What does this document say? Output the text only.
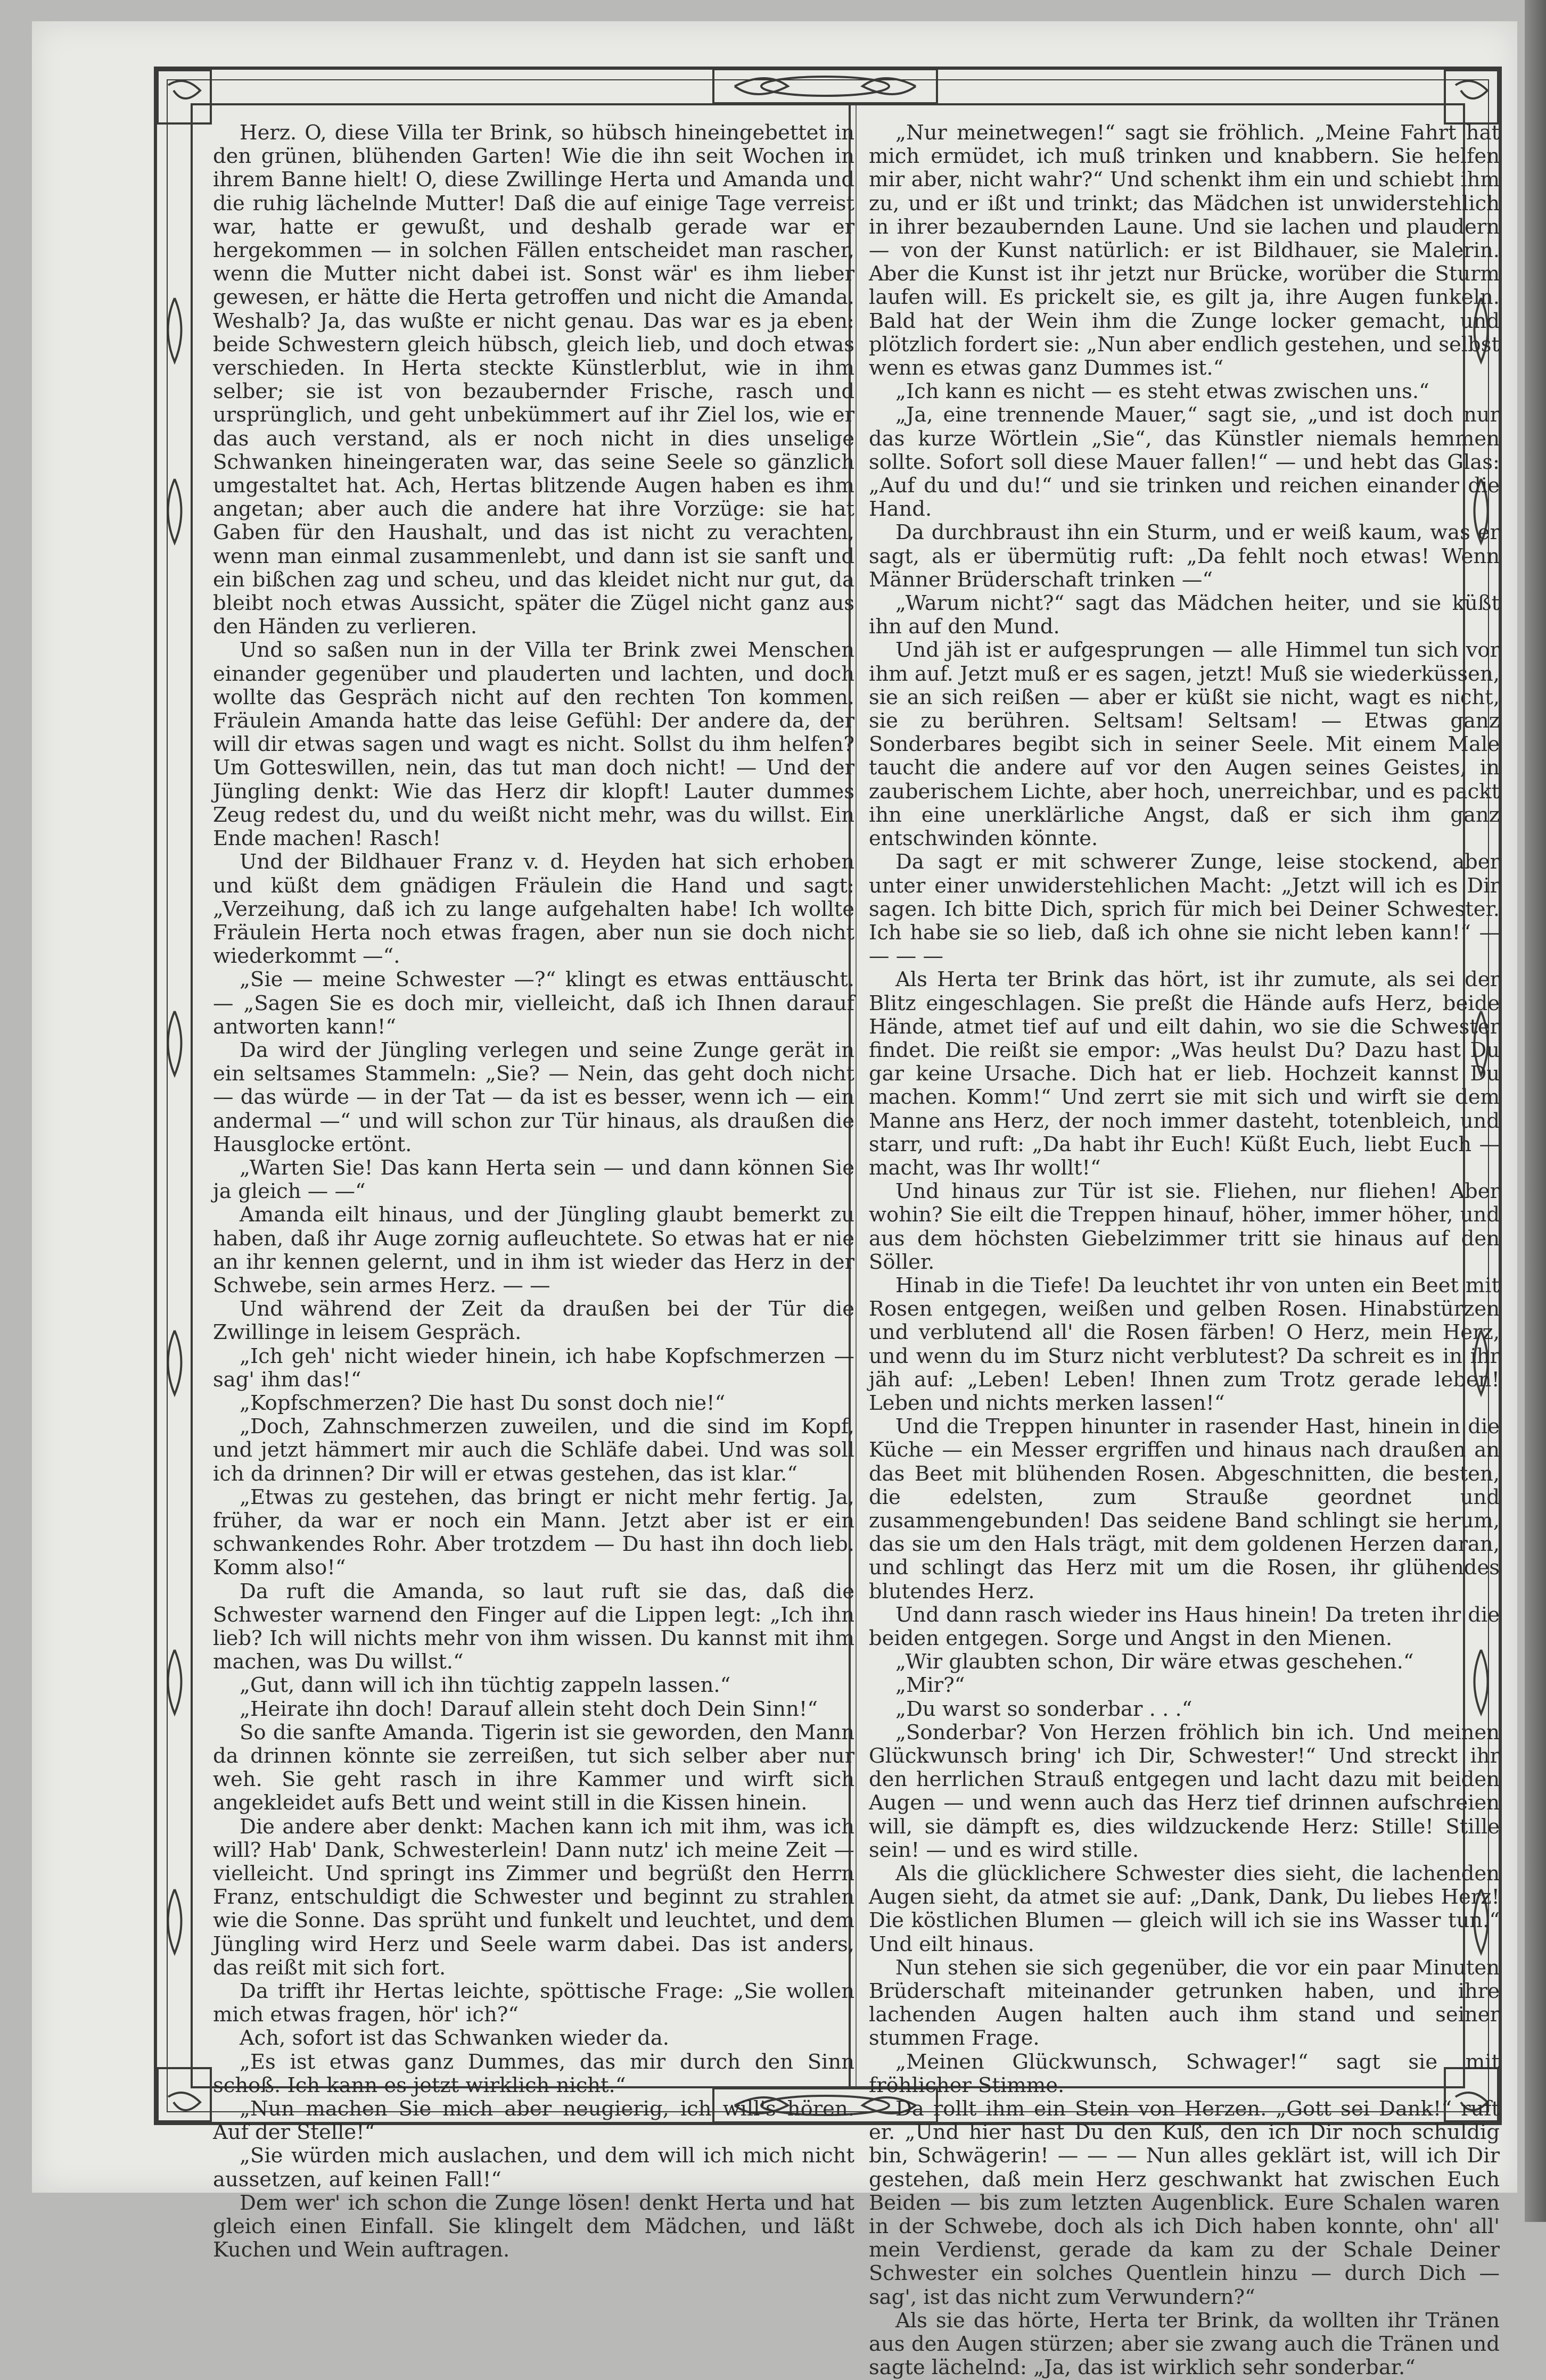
Herz. O, diese Villa ter Brink, so hübsch hineingebettet in den grünen, blühenden Garten! Wie die ihn seit Wochen in ihrem Banne hielt! O, diese Zwillinge Herta und Amanda und die ruhig lächelnde Mutter! Daß die auf einige Tage verreist war, hatte er gewußt, und deshalb gerade war er hergekommen — in solchen Fällen entscheidet man rascher, wenn die Mutter nicht dabei ist. Sonst wär' es ihm lieber gewesen, er hätte die Herta getroffen und nicht die Amanda. Weshalb? Ja, das wußte er nicht genau. Das war es ja eben: beide Schwestern gleich hübsch, gleich lieb, und doch etwas verschieden. In Herta steckte Künstlerblut, wie in ihm selber; sie ist von bezaubernder Frische, rasch und ursprünglich, und geht unbekümmert auf ihr Ziel los, wie er das auch verstand, als er noch nicht in dies unselige Schwanken hineingeraten war, das seine Seele so gänzlich umgestaltet hat. Ach, Hertas blitzende Augen haben es ihm angetan; aber auch die andere hat ihre Vorzüge: sie hat Gaben für den Haushalt, und das ist nicht zu verachten, wenn man einmal zusammenlebt, und dann ist sie sanft und ein bißchen zag und scheu, und das kleidet nicht nur gut, da bleibt noch etwas Aussicht, später die Zügel nicht ganz aus den Händen zu verlieren.

Und so saßen nun in der Villa ter Brink zwei Menschen einander gegenüber und plauderten und lachten, und doch wollte das Gespräch nicht auf den rechten Ton kommen. Fräulein Amanda hatte das leise Gefühl: Der andere da, der will dir etwas sagen und wagt es nicht. Sollst du ihm helfen? Um Gotteswillen, nein, das tut man doch nicht! — Und der Jüngling denkt: Wie das Herz dir klopft! Lauter dummes Zeug redest du, und du weißt nicht mehr, was du willst. Ein Ende machen! Rasch!

Und der Bildhauer Franz v. d. Heyden hat sich erhoben und küßt dem gnädigen Fräulein die Hand und sagt: „Verzeihung, daß ich zu lange aufgehalten habe! Ich wollte Fräulein Herta noch etwas fragen, aber nun sie doch nicht wiederkommt —“.

„Sie — meine Schwester —?“ klingt es etwas enttäuscht. — „Sagen Sie es doch mir, vielleicht, daß ich Ihnen darauf antworten kann!“

Da wird der Jüngling verlegen und seine Zunge gerät in ein seltsames Stammeln: „Sie? — Nein, das geht doch nicht — das würde — in der Tat — da ist es besser, wenn ich — ein andermal —“ und will schon zur Tür hinaus, als draußen die Hausglocke ertönt.

„Warten Sie! Das kann Herta sein — und dann können Sie ja gleich — —“

Amanda eilt hinaus, und der Jüngling glaubt bemerkt zu haben, daß ihr Auge zornig aufleuchtete. So etwas hat er nie an ihr kennen gelernt, und in ihm ist wieder das Herz in der Schwebe, sein armes Herz. — —

Und während der Zeit da draußen bei der Tür die Zwillinge in leisem Gespräch.

„Ich geh' nicht wieder hinein, ich habe Kopfschmerzen — sag' ihm das!“

„Kopfschmerzen? Die hast Du sonst doch nie!“

„Doch, Zahnschmerzen zuweilen, und die sind im Kopf, und jetzt hämmert mir auch die Schläfe dabei. Und was soll ich da drinnen? Dir will er etwas gestehen, das ist klar.“

„Etwas zu gestehen, das bringt er nicht mehr fertig. Ja, früher, da war er noch ein Mann. Jetzt aber ist er ein schwankendes Rohr. Aber trotzdem — Du hast ihn doch lieb. Komm also!“

Da ruft die Amanda, so laut ruft sie das, daß die Schwester warnend den Finger auf die Lippen legt: „Ich ihn lieb? Ich will nichts mehr von ihm wissen. Du kannst mit ihm machen, was Du willst.“

„Gut, dann will ich ihn tüchtig zappeln lassen.“

„Heirate ihn doch! Darauf allein steht doch Dein Sinn!“

So die sanfte Amanda. Tigerin ist sie geworden, den Mann da drinnen könnte sie zerreißen, tut sich selber aber nur weh. Sie geht rasch in ihre Kammer und wirft sich angekleidet aufs Bett und weint still in die Kissen hinein.

Die andere aber denkt: Machen kann ich mit ihm, was ich will? Hab' Dank, Schwesterlein! Dann nutz' ich meine Zeit — vielleicht. Und springt ins Zimmer und begrüßt den Herrn Franz, entschuldigt die Schwester und beginnt zu strahlen wie die Sonne. Das sprüht und funkelt und leuchtet, und dem Jüngling wird Herz und Seele warm dabei. Das ist anders, das reißt mit sich fort.

Da trifft ihr Hertas leichte, spöttische Frage: „Sie wollen mich etwas fragen, hör' ich?“

Ach, sofort ist das Schwanken wieder da.

„Es ist etwas ganz Dummes, das mir durch den Sinn schoß. Ich kann es jetzt wirklich nicht.“

„Nun machen Sie mich aber neugierig, ich will's hören. Auf der Stelle!“

„Sie würden mich auslachen, und dem will ich mich nicht aussetzen, auf keinen Fall!“

Dem wer' ich schon die Zunge lösen! denkt Herta und hat gleich einen Einfall. Sie klingelt dem Mädchen, und läßt Kuchen und Wein auftragen.

„Nur meinetwegen!“ sagt sie fröhlich. „Meine Fahrt hat mich ermüdet, ich muß trinken und knabbern. Sie helfen mir aber, nicht wahr?“ Und schenkt ihm ein und schiebt ihm zu, und er ißt und trinkt; das Mädchen ist unwiderstehlich in ihrer bezaubernden Laune. Und sie lachen und plaudern — von der Kunst natürlich: er ist Bildhauer, sie Malerin. Aber die Kunst ist ihr jetzt nur Brücke, worüber die Sturm laufen will. Es prickelt sie, es gilt ja, ihre Augen funkeln. Bald hat der Wein ihm die Zunge locker gemacht, und plötzlich fordert sie: „Nun aber endlich gestehen, und selbst wenn es etwas ganz Dummes ist.“

„Ich kann es nicht — es steht etwas zwischen uns.“

„Ja, eine trennende Mauer,“ sagt sie, „und ist doch nur das kurze Wörtlein „Sie“, das Künstler niemals hemmen sollte. Sofort soll diese Mauer fallen!“ — und hebt das Glas: „Auf du und du!“ und sie trinken und reichen einander die Hand.

Da durchbraust ihn ein Sturm, und er weiß kaum, was er sagt, als er übermütig ruft: „Da fehlt noch etwas! Wenn Männer Brüderschaft trinken —“

„Warum nicht?“ sagt das Mädchen heiter, und sie küßt ihn auf den Mund.

Und jäh ist er aufgesprungen — alle Himmel tun sich vor ihm auf. Jetzt muß er es sagen, jetzt! Muß sie wiederküssen, sie an sich reißen — aber er küßt sie nicht, wagt es nicht, sie zu berühren. Seltsam! Seltsam! — Etwas ganz Sonderbares begibt sich in seiner Seele. Mit einem Male taucht die andere auf vor den Augen seines Geistes, in zauberischem Lichte, aber hoch, unerreichbar, und es packt ihn eine unerklärliche Angst, daß er sich ihm ganz entschwinden könnte.

Da sagt er mit schwerer Zunge, leise stockend, aber unter einer unwiderstehlichen Macht: „Jetzt will ich es Dir sagen. Ich bitte Dich, sprich für mich bei Deiner Schwester. Ich habe sie so lieb, daß ich ohne sie nicht leben kann!“ — — — —

Als Herta ter Brink das hört, ist ihr zumute, als sei der Blitz eingeschlagen. Sie preßt die Hände aufs Herz, beide Hände, atmet tief auf und eilt dahin, wo sie die Schwester findet. Die reißt sie empor: „Was heulst Du? Dazu hast Du gar keine Ursache. Dich hat er lieb. Hochzeit kannst Du machen. Komm!“ Und zerrt sie mit sich und wirft sie dem Manne ans Herz, der noch immer dasteht, totenbleich, und starr, und ruft: „Da habt ihr Euch! Küßt Euch, liebt Euch — macht, was Ihr wollt!“

Und hinaus zur Tür ist sie. Fliehen, nur fliehen! Aber wohin? Sie eilt die Treppen hinauf, höher, immer höher, und aus dem höchsten Giebelzimmer tritt sie hinaus auf den Söller.

Hinab in die Tiefe! Da leuchtet ihr von unten ein Beet mit Rosen entgegen, weißen und gelben Rosen. Hinabstürzen und verblutend all' die Rosen färben! O Herz, mein Herz, und wenn du im Sturz nicht verblutest? Da schreit es in ihr jäh auf: „Leben! Leben! Ihnen zum Trotz gerade leben! Leben und nichts merken lassen!“

Und die Treppen hinunter in rasender Hast, hinein in die Küche — ein Messer ergriffen und hinaus nach draußen an das Beet mit blühenden Rosen. Abgeschnitten, die besten, die edelsten, zum Strauße geordnet und zusammengebunden! Das seidene Band schlingt sie herum, das sie um den Hals trägt, mit dem goldenen Herzen daran, und schlingt das Herz mit um die Rosen, ihr glühendes blutendes Herz.

Und dann rasch wieder ins Haus hinein! Da treten ihr die beiden entgegen. Sorge und Angst in den Mienen.

„Wir glaubten schon, Dir wäre etwas geschehen.“

„Mir?“

„Du warst so sonderbar . . .“

„Sonderbar? Von Herzen fröhlich bin ich. Und meinen Glückwunsch bring' ich Dir, Schwester!“ Und streckt ihr den herrlichen Strauß entgegen und lacht dazu mit beiden Augen — und wenn auch das Herz tief drinnen aufschreien will, sie dämpft es, dies wildzuckende Herz: Stille! Stille sein! — und es wird stille.

Als die glücklichere Schwester dies sieht, die lachenden Augen sieht, da atmet sie auf: „Dank, Dank, Du liebes Herz! Die köstlichen Blumen — gleich will ich sie ins Wasser tun.“ Und eilt hinaus.

Nun stehen sie sich gegenüber, die vor ein paar Minuten Brüderschaft miteinander getrunken haben, und ihre lachenden Augen halten auch ihm stand und seiner stummen Frage.

„Meinen Glückwunsch, Schwager!“ sagt sie mit fröhlicher Stimme.

Da rollt ihm ein Stein von Herzen. „Gott sei Dank!“ ruft er. „Und hier hast Du den Kuß, den ich Dir noch schuldig bin, Schwägerin! — — — Nun alles geklärt ist, will ich Dir gestehen, daß mein Herz geschwankt hat zwischen Euch Beiden — bis zum letzten Augenblick. Eure Schalen waren in der Schwebe, doch als ich Dich haben konnte, ohn' all' mein Verdienst, gerade da kam zu der Schale Deiner Schwester ein solches Quentlein hinzu — durch Dich — sag', ist das nicht zum Verwundern?“

Als sie das hörte, Herta ter Brink, da wollten ihr Tränen aus den Augen stürzen; aber sie zwang auch die Tränen und sagte lächelnd: „Ja, das ist wirklich sehr sonderbar.“
